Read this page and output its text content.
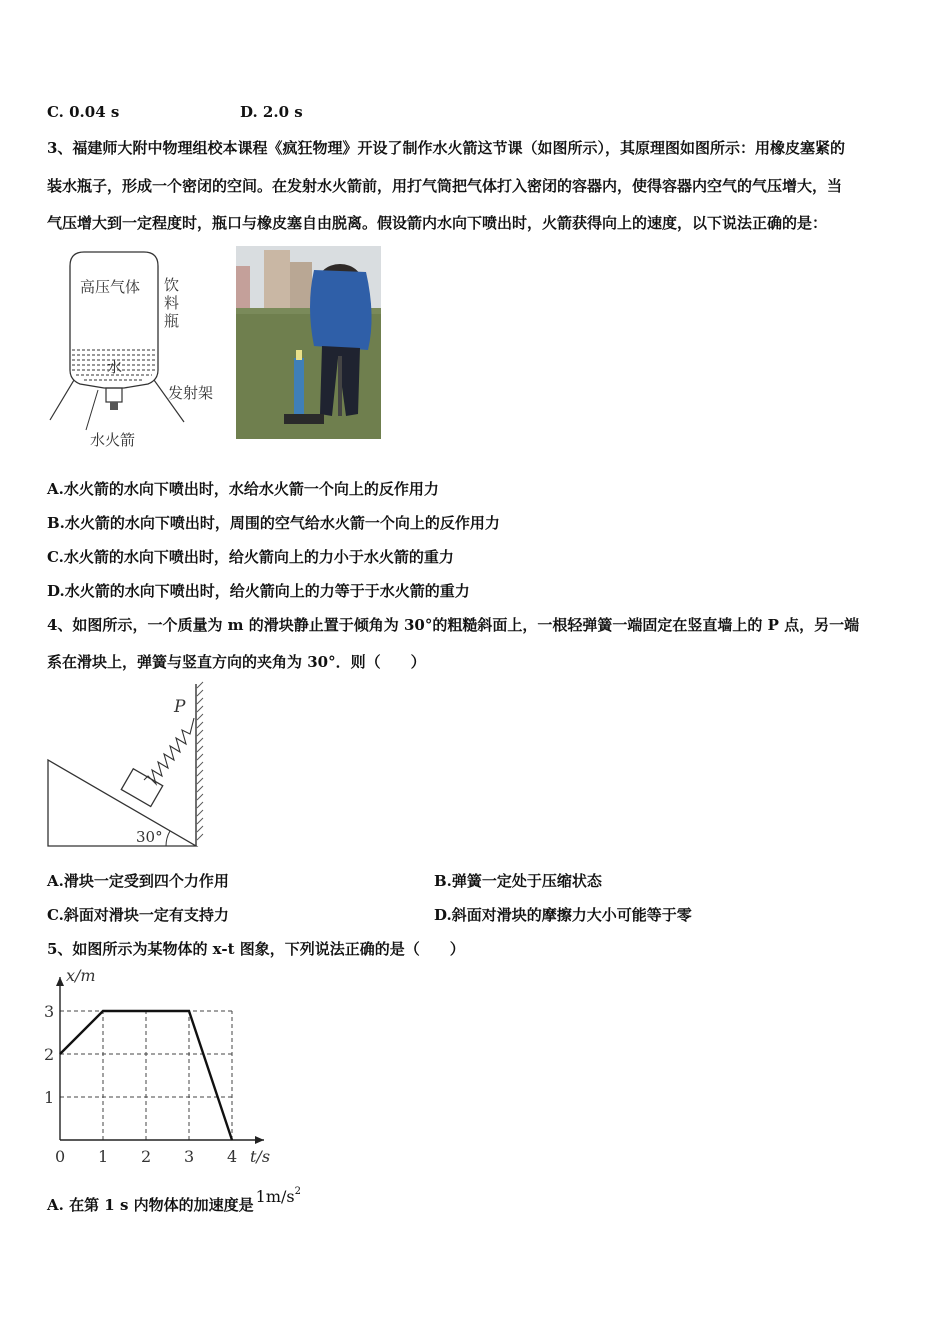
C. 0.04 s	D. 2.0 s
3、福建师大附中物理组校本课程《疯狂物理》开设了制作水火箭这节课（如图所示），其原理图如图所示：用橡皮塞紧的
装水瓶子，形成一个密闭的空间。在发射水火箭前，用打气筒把气体打入密闭的容器内，使得容器内空气的气压增大，当
气压增大到一定程度时，瓶口与橡皮塞自由脱离。假设箭内水向下喷出时，火箭获得向上的速度，以下说法正确的是：
高压气体 饮
料
瓶
水
发射架
水火箭
A.水火箭的水向下喷出时，水给水火箭一个向上的反作用力
B.水火箭的水向下喷出时，周围的空气给水火箭一个向上的反作用力
C.水火箭的水向下喷出时，给火箭向上的力小于水火箭的重力
D.水火箭的水向下喷出时，给火箭向上的力等于于水火箭的重力
4、如图所示，一个质量为 m 的滑块静止置于倾角为 30°的粗糙斜面上，一根轻弹簧一端固定在竖直墙上的 P 点，另一端
系在滑块上，弹簧与竖直方向的夹角为 30°．则（　　）
P
30°
A.滑块一定受到四个力作用	B.弹簧一定处于压缩状态
C.斜面对滑块一定有支持力	D.斜面对滑块的摩擦力大小可能等于零
5、如图所示为某物体的 x-t 图象，下列说法正确的是（　　）
0 1 2 3 4
1
2
3
t/s
x/m
A. 在第 1 s 内物体的加速度是 $1m/s^2$
